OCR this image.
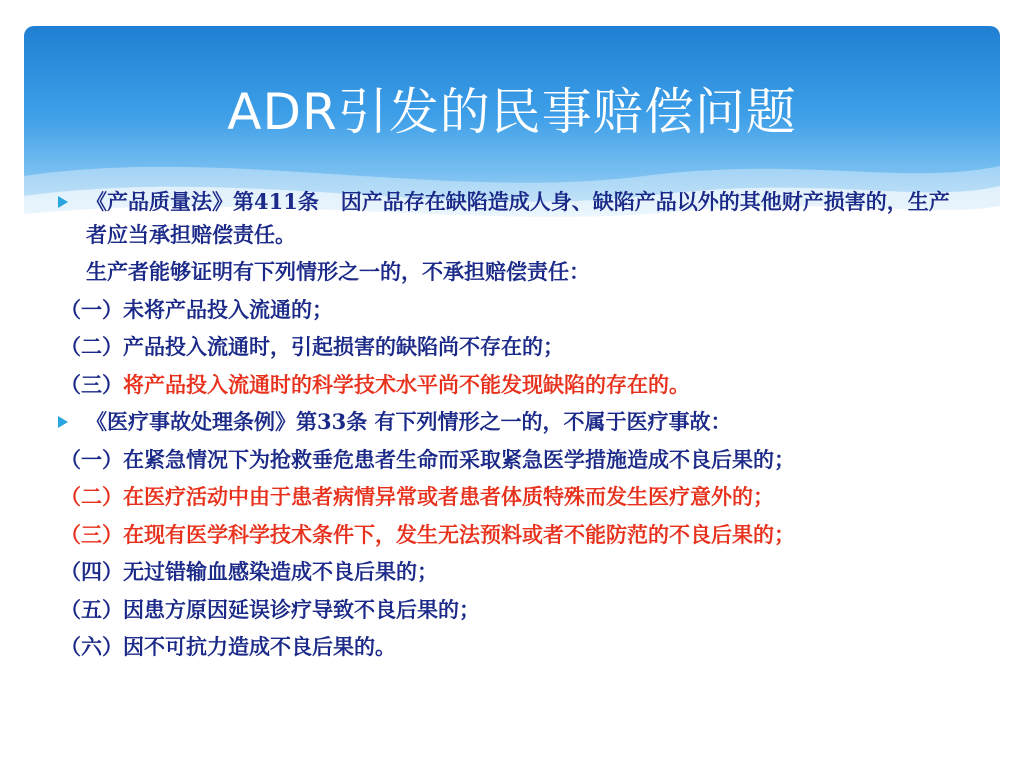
ADR引发的民事赔偿问题

《产品质量法》第411条 因产品存在缺陷造成人身、缺陷产品以外的其他财产损害的，生产者应当承担赔偿责任。

生产者能够证明有下列情形之一的，不承担赔偿责任：

（一）未将产品投入流通的；

（二）产品投入流通时，引起损害的缺陷尚不存在的；

（三）将产品投入流通时的科学技术水平尚不能发现缺陷的存在的。

《医疗事故处理条例》第33条 有下列情形之一的，不属于医疗事故：

（一）在紧急情况下为抢救垂危患者生命而采取紧急医学措施造成不良后果的；

（二）在医疗活动中由于患者病情异常或者患者体质特殊而发生医疗意外的；

（三）在现有医学科学技术条件下，发生无法预料或者不能防范的不良后果的；

（四）无过错输血感染造成不良后果的；

（五）因患方原因延误诊疗导致不良后果的；

（六）因不可抗力造成不良后果的。
